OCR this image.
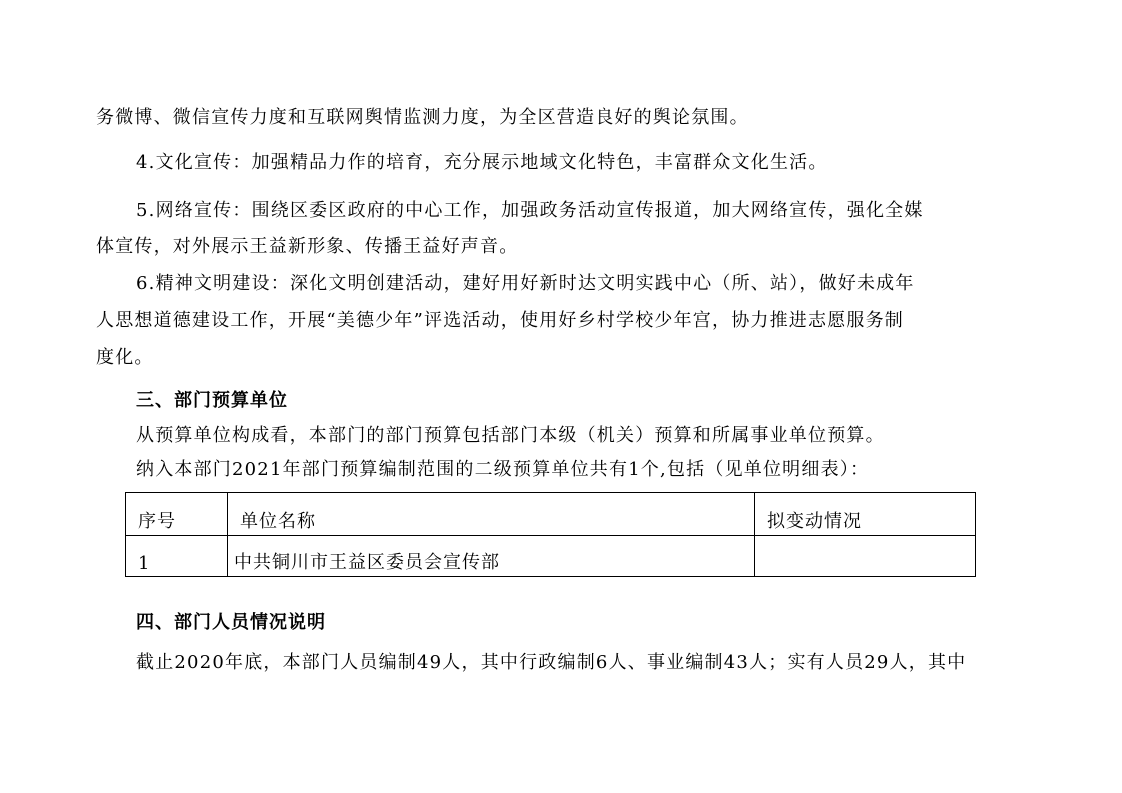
务微博、微信宣传力度和互联网舆情监测力度，为全区营造良好的舆论氛围。

4.文化宣传：加强精品力作的培育，充分展示地域文化特色，丰富群众文化生活。

5.网络宣传：围绕区委区政府的中心工作，加强政务活动宣传报道，加大网络宣传，强化全媒

体宣传，对外展示王益新形象、传播王益好声音。

6.精神文明建设：深化文明创建活动，建好用好新时达文明实践中心（所、站），做好未成年

人思想道德建设工作，开展“美德少年”评选活动，使用好乡村学校少年宫，协力推进志愿服务制

度化。

三、部门预算单位

从预算单位构成看，本部门的部门预算包括部门本级（机关）预算和所属事业单位预算。

纳入本部门2021年部门预算编制范围的二级预算单位共有1个,包括（见单位明细表）：

序号	单位名称	拟变动情况
1	中共铜川市王益区委员会宣传部	
四、部门人员情况说明

截止2020年底，本部门人员编制49人，其中行政编制6人、事业编制43人；实有人员29人，其中
